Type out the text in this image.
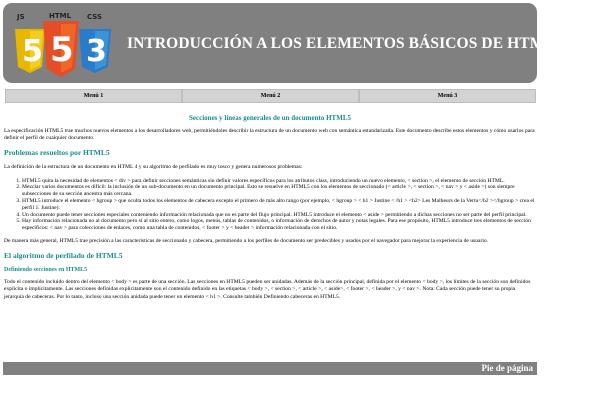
JS	HTML CSS
5 5 3 INTRODUCCIÓN A LOS ELEMENTOS BÁSICOS DE HTML, CSS
Menú 1	Menú 2	Menú 3
Secciones y líneas generales de un documento HTML5

La especificación HTML5 trae muchos nuevos elementos a los desarrolladores web, permitiéndoles describir la estructura de un documento web con semántica estandarizada. Este documento describe estos elementos y cómo usarlos para definir el perfil de cualquier documento.

Problemas resueltos por HTML5

La definición de la estructura de un documento en HTML 4 y su algoritmo de perfilado es muy tosco y genera numerosos problemas:

1. HTML5 quita la necesidad de elementos < div > para definir secciones semánticas sin definir valores específicos para los atributos class, introduciendo un nuevo elemento, < section >, el elemento de sección HTML.
2. Mezclar varios documentos es difícil: la inclusión de un sub-documento en un documento principal. Esto se resuelve en HTML5 con los elementos de seccionado (< article >, < section >, < nav > y < aside >) son siempre subsecciones de su sección ancestra más cercana.
3. HTML5 introduce el elemento < hgroup > que oculta todos los elementos de cabecera excepto el primero de más alto rango (por ejemplo, < hgroup > < h1 > Justine < /h1 > <h2> Les Malheurs de la Vertu</h2 ></hgroup > crea el perfil 1. Justine).
4. Un documento puede tener secciones especiales conteniendo información relacionada que no es parte del flujo principal. HTML5 introduce el elemento < aside > permitiendo a dichas secciones no ser parte del perfil principal.
5. Hay información relacionada no al documento pero sí al sitio entero, como logos, menús, tablas de contenidos, o información de derechos de autor y notas legales. Para ese propósito, HTML5 introduce tres elementos de sección específicos: < nav > para colecciones de enlaces, como una tabla de contenidos, < footer > y < header > información relacionada con el sitio.

De manera más general, HTML5 trae precisión a las características de seccionado y cabecera, permitiendo a los perfiles de documento ser predecibles y usados por el navegador para mejorar la experiencia de usuario.

El algoritmo de perfilado de HTML5
Definiendo secciones en HTML5

Todo el contenido incluido dentro del elemento < body > es parte de una sección. Las secciones en HTML5 pueden ser anidadas. Además de la sección principal, definida por el elemento < body >, los límites de la sección son definidos explícita o implícitamente. Las secciones definidas explícitamente son el contenido definido en las etiquetas < body >, < section >, < article >, < aside>, < footer >, < header >, y < nav >. Nota: Cada sección puede tener su propia jerarquía de cabeceras. Por lo tanto, incluso una sección anidada puede tener un elemento < h1 >. Consulte también Definiendo cabeceras en HTML5.

Pie de página
